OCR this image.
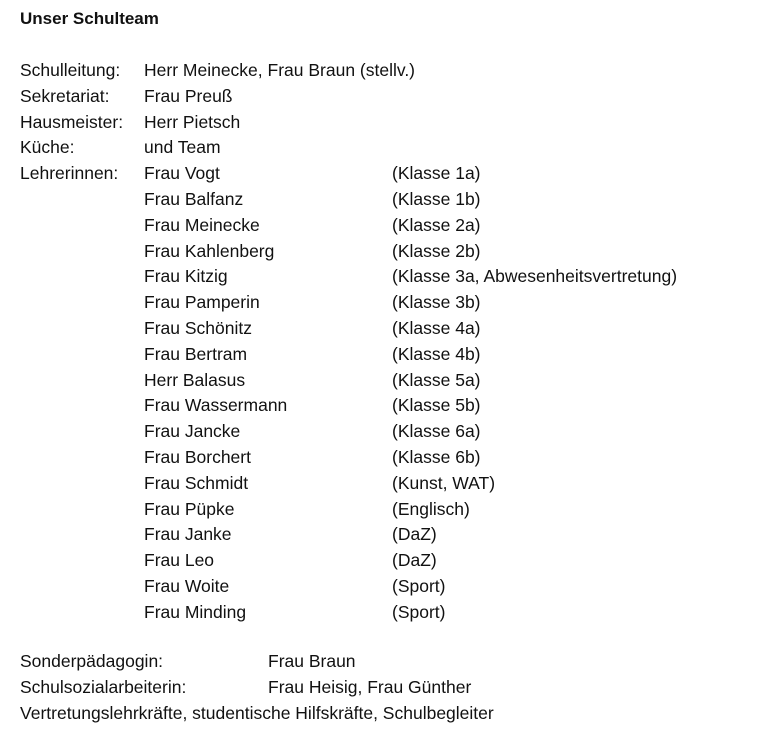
Unser Schulteam
Schulleitung: Herr Meinecke, Frau Braun (stellv.)
Sekretariat: Frau Preuß
Hausmeister: Herr Pietsch
Küche:	und Team
Lehrerinnen: Frau Vogt	(Klasse 1a)
Frau Balfanz	(Klasse 1b)
Frau Meinecke	(Klasse 2a)
Frau Kahlenberg	(Klasse 2b)
Frau Kitzig	(Klasse 3a, Abwesenheitsvertretung)
Frau Pamperin	(Klasse 3b)
Frau Schönitz	(Klasse 4a)
Frau Bertram	(Klasse 4b)
Herr Balasus	(Klasse 5a)
Frau Wassermann	(Klasse 5b)
Frau Jancke	(Klasse 6a)
Frau Borchert	(Klasse 6b)
Frau Schmidt	(Kunst, WAT)
Frau Püpke	(Englisch)
Frau Janke	(DaZ)
Frau Leo	(DaZ)
Frau Woite	(Sport)
Frau Minding	(Sport)
Sonderpädagogin:	Frau Braun
Schulsozialarbeiterin:	Frau Heisig, Frau Günther
Vertretungslehrkräfte, studentische Hilfskräfte, Schulbegleiter
